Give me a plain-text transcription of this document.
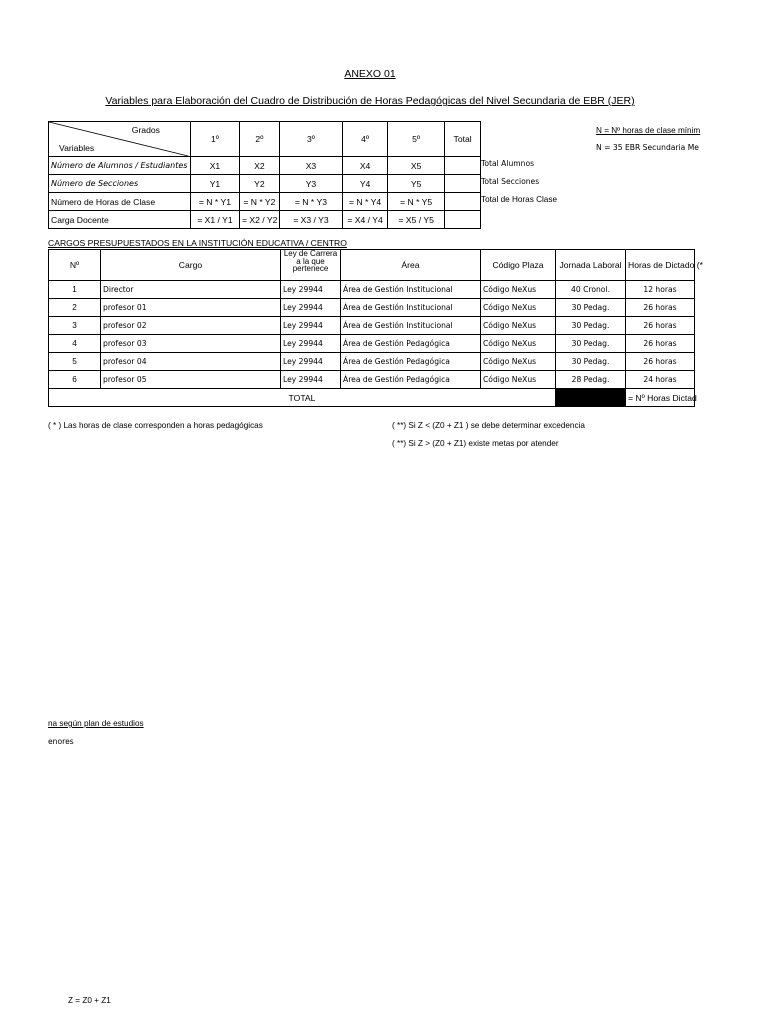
ANEXO 01
Variables para Elaboración del Cuadro de Distribución de Horas Pedagógicas del Nivel Secundaria de EBR (JER)
Grados
Variables	1º	2º	3º	4º	5º	Total
Número de Alumnos / Estudiantes	X1	X2	X3	X4	X5	
Número de Secciones	Y1	Y2	Y3	Y4	Y5	
Número de Horas de Clase	= N * Y1	= N * Y2	= N * Y3	= N * Y4	= N * Y5	
Carga Docente	= X1 / Y1	= X2 / Y2	= X3 / Y3	= X4 / Y4	= X5 / Y5	
Total Alumnos
Total Secciones
Total de Horas Clase
N = Nº horas de clase mínim
N = 35 EBR Secundaria Me
CARGOS PRESUPUESTADOS EN LA INSTITUCIÓN EDUCATIVA / CENTRO
Nº	Cargo	Ley de Carrera a la que pertenece	Área	Código Plaza	Jornada Laboral	Horas de Dictado (*
1	Director	Ley 29944	Área de Gestión Institucional	Código NeXus	40 Cronol.	12 horas
2	profesor 01	Ley 29944	Área de Gestión Institucional	Código NeXus	30 Pedag.	26 horas
3	profesor 02	Ley 29944	Área de Gestión Institucional	Código NeXus	30 Pedag.	26 horas
4	profesor 03	Ley 29944	Área de Gestión Pedagógica	Código NeXus	30 Pedag.	26 horas
5	profesor 04	Ley 29944	Área de Gestión Pedagógica	Código NeXus	30 Pedag.	26 horas
6	profesor 05	Ley 29944	Área de Gestión Pedagógica	Código NeXus	28 Pedag.	24 horas
TOTAL						= Nº Horas Dictad
( * ) Las horas de clase corresponden a horas pedagógicas	( **) Si Z < (Z0 + Z1 ) se debe determinar excedencia
( **) Si Z > (Z0 + Z1) existe metas por atender
na según plan de estudios
enores
Z = Z0 + Z1
